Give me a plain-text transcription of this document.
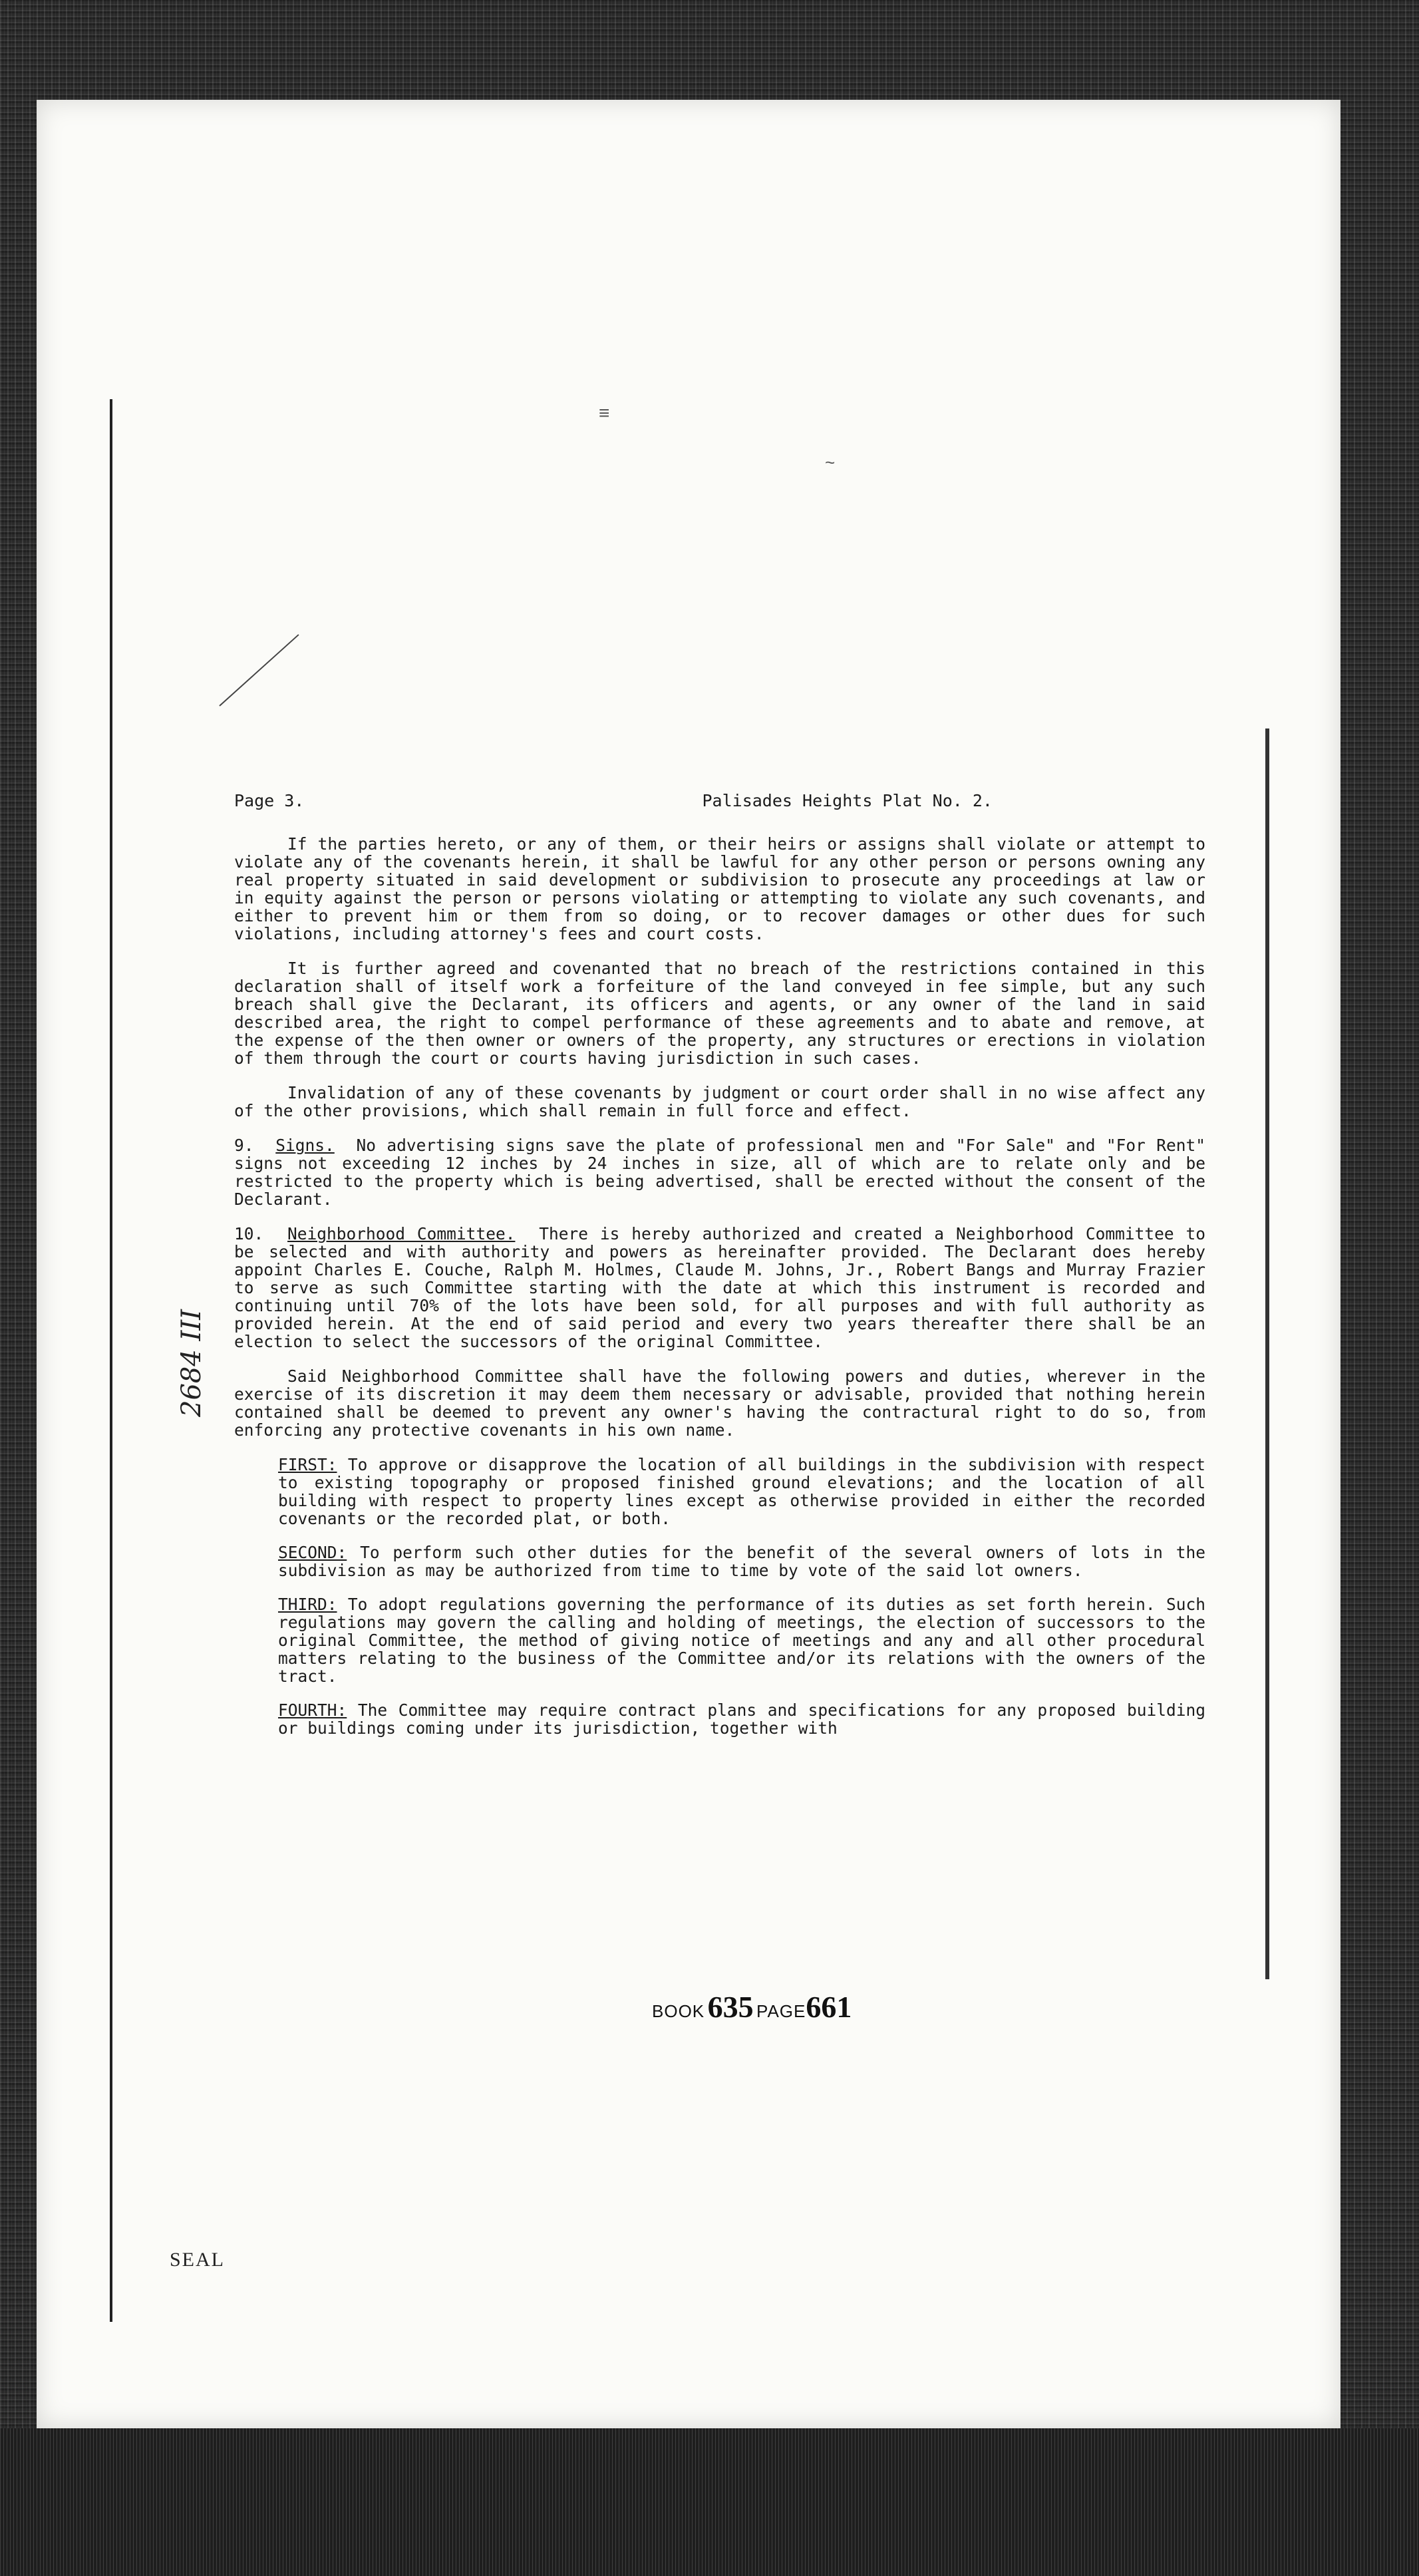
≡
~
2684 III
SEAL
Page 3.	Palisades Heights Plat No. 2.

If the parties hereto, or any of them, or their heirs or assigns shall violate or attempt to violate any of the covenants herein, it shall be lawful for any other person or persons owning any real property situated in said development or subdivision to prosecute any proceedings at law or in equity against the person or persons violating or attempting to violate any such covenants, and either to prevent him or them from so doing, or to recover damages or other dues for such violations, including attorney's fees and court costs.

It is further agreed and covenanted that no breach of the restrictions contained in this declaration shall of itself work a forfeiture of the land conveyed in fee simple, but any such breach shall give the Declarant, its officers and agents, or any owner of the land in said described area, the right to compel performance of these agreements and to abate and remove, at the expense of the then owner or owners of the property, any structures or erections in violation of them through the court or courts having jurisdiction in such cases.

Invalidation of any of these covenants by judgment or court order shall in no wise affect any of the other provisions, which shall remain in full force and effect.

9. Signs. No advertising signs save the plate of professional men and "For Sale" and "For Rent" signs not exceeding 12 inches by 24 inches in size, all of which are to relate only and be restricted to the property which is being advertised, shall be erected without the consent of the Declarant.

10. Neighborhood Committee. There is hereby authorized and created a Neighborhood Committee to be selected and with authority and powers as hereinafter provided. The Declarant does hereby appoint Charles E. Couche, Ralph M. Holmes, Claude M. Johns, Jr., Robert Bangs and Murray Frazier to serve as such Committee starting with the date at which this instrument is recorded and continuing until 70% of the lots have been sold, for all purposes and with full authority as provided herein. At the end of said period and every two years thereafter there shall be an election to select the successors of the original Committee.

Said Neighborhood Committee shall have the following powers and duties, wherever in the exercise of its discretion it may deem them necessary or advisable, provided that nothing herein contained shall be deemed to prevent any owner's having the contractural right to do so, from enforcing any protective covenants in his own name.

FIRST: To approve or disapprove the location of all buildings in the subdivision with respect to existing topography or proposed finished ground elevations; and the location of all building with respect to property lines except as otherwise provided in either the recorded covenants or the recorded plat, or both.
SECOND: To perform such other duties for the benefit of the several owners of lots in the subdivision as may be authorized from time to time by vote of the said lot owners.
THIRD: To adopt regulations governing the performance of its duties as set forth herein. Such regulations may govern the calling and holding of meetings, the election of successors to the original Committee, the method of giving notice of meetings and any and all other procedural matters relating to the business of the Committee and/or its relations with the owners of the tract.
FOURTH: The Committee may require contract plans and specifications for any proposed building or buildings coming under its jurisdiction, together with
BOOK 635 PAGE661
